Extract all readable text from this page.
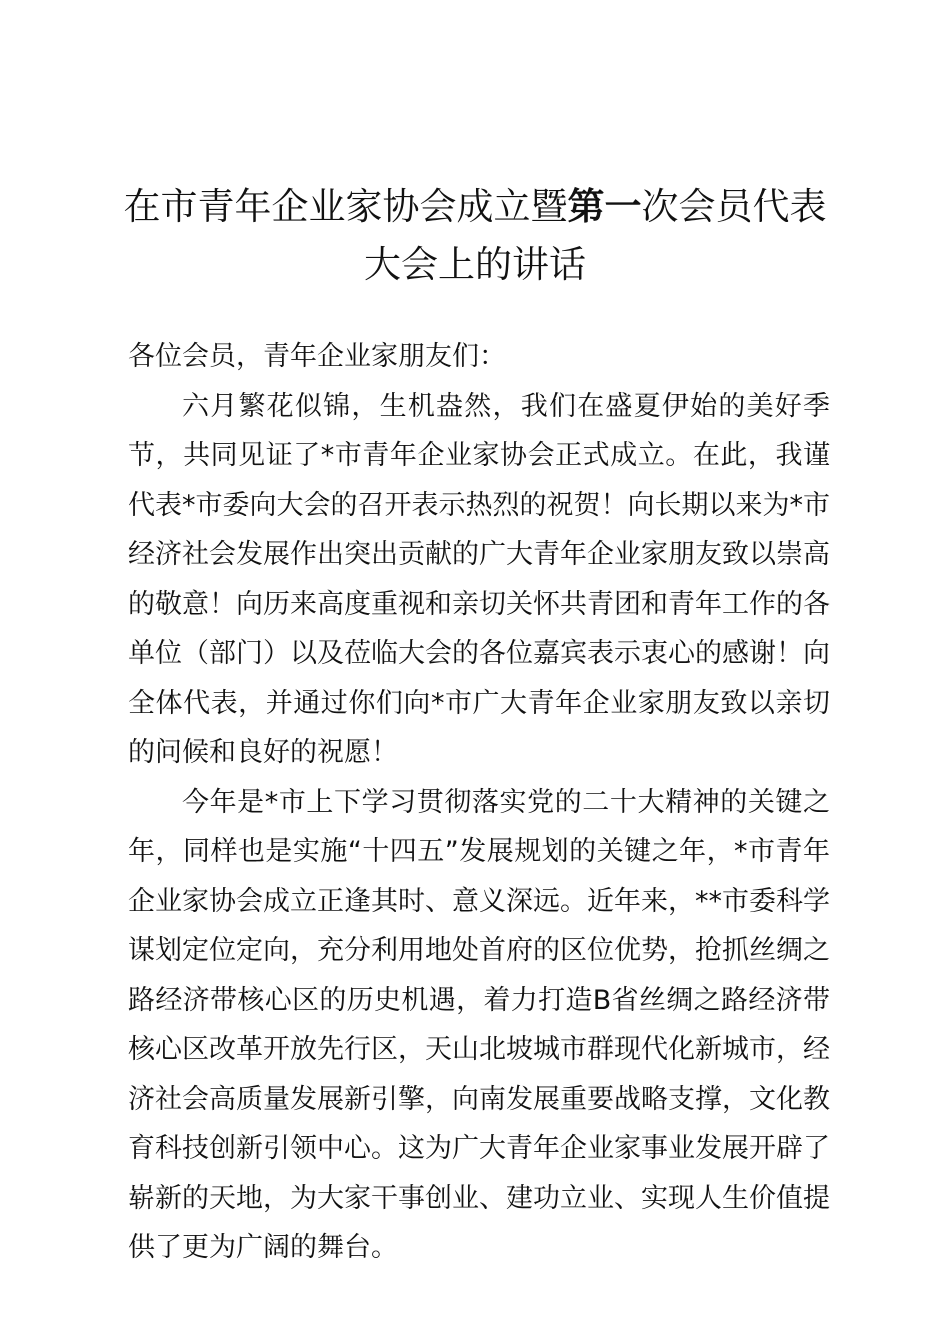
在市青年企业家协会成立暨第一次会员代表大会上的讲话

各位会员，青年企业家朋友们：

六月繁花似锦，生机盎然，我们在盛夏伊始的美好季节，共同见证了*市青年企业家协会正式成立。在此，我谨代表*市委向大会的召开表示热烈的祝贺！向长期以来为*市经济社会发展作出突出贡献的广大青年企业家朋友致以崇高的敬意！向历来高度重视和亲切关怀共青团和青年工作的各单位（部门）以及莅临大会的各位嘉宾表示衷心的感谢！向全体代表，并通过你们向*市广大青年企业家朋友致以亲切的问候和良好的祝愿！

今年是*市上下学习贯彻落实党的二十大精神的关键之年，同样也是实施“十四五”发展规划的关键之年，*市青年企业家协会成立正逢其时、意义深远。近年来，**市委科学谋划定位定向，充分利用地处首府的区位优势，抢抓丝绸之路经济带核心区的历史机遇，着力打造B省丝绸之路经济带核心区改革开放先行区，天山北坡城市群现代化新城市，经济社会高质量发展新引擎，向南发展重要战略支撑，文化教育科技创新引领中心。这为广大青年企业家事业发展开辟了崭新的天地，为大家干事创业、建功立业、实现人生价值提供了更为广阔的舞台。
